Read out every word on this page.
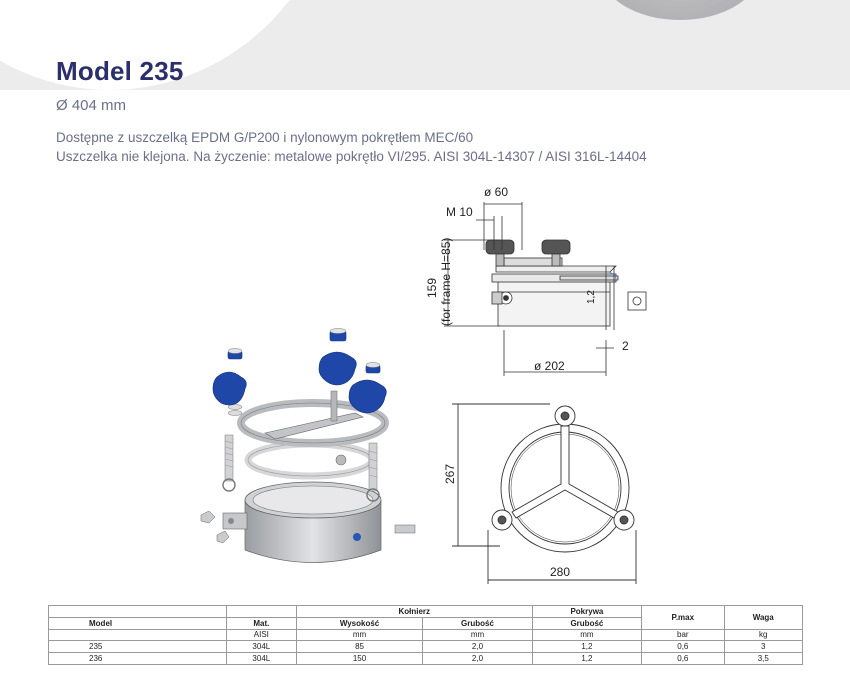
Model 235
Ø 404 mm
Dostępne z uszczelką EPDM G/P200 i nylonowym pokrętłem MEC/60
Uszczelka nie klejona. Na życzenie: metalowe pokrętło VI/295. AISI 304L-14307 / AISI 316L-14404
ø 60
M 10
159 (for frame H=85)	1,2
2
ø 202
267
280
		Kołnierz		Pokrywa	P.max	Waga
Model	Mat.	Wysokość	Grubość	Grubość		
	AISI	mm	mm	mm	bar	kg
235	304L	85	2,0	1,2	0,6	3
236	304L	150	2,0	1,2	0,6	3,5
